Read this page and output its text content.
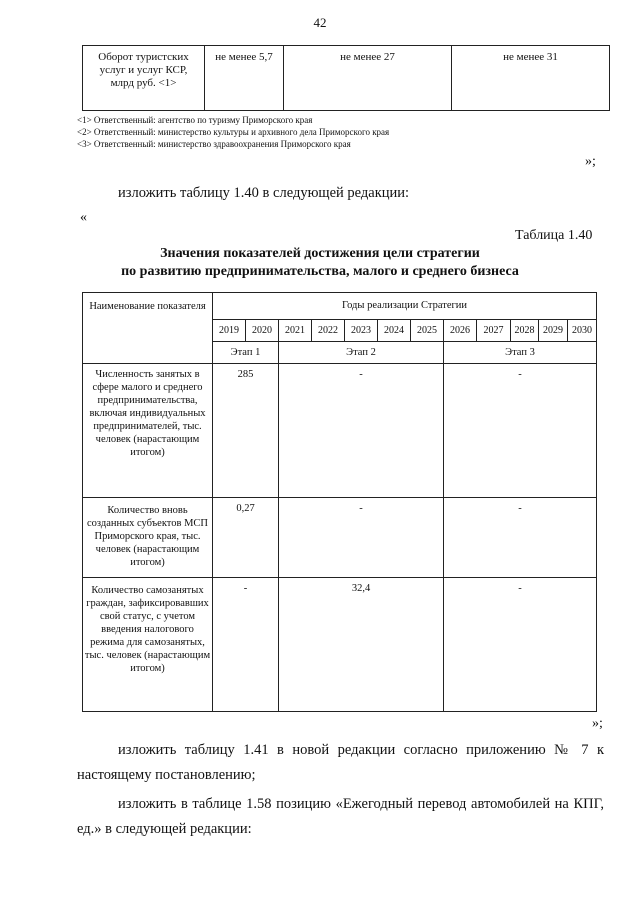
42
Оборот туристских услуг и услуг КСР, млрд руб. <1>	не менее 5,7	не менее 27	не менее 31
<1> Ответственный: агентство по туризму Приморского края
<2> Ответственный: министерство культуры и архивного дела Приморского края
<3> Ответственный: министерство здравоохранения Приморского края
»;
изложить таблицу 1.40 в следующей редакции:
«
Таблица 1.40
Значения показателей достижения цели стратегии
по развитию предпринимательства, малого и среднего бизнеса
Наименование показателя	Годы реализации Стратегии											
	2019	2020	2021	2022	2023	2024	2025	2026	2027	2028	2029	2030
	Этап 1		Этап 2					Этап 3				
Численность занятых в сфере малого и среднего предпринимательства, включая индивидуальных предпринимателей, тыс. человек (нарастающим итогом)	285		-					-				
Количество вновь созданных субъектов МСП Приморского края, тыс. человек (нарастающим итогом)	0,27		-					-				
Количество самозанятых граждан, зафиксировавших свой статус, с учетом введения налогового режима для самозанятых, тыс. человек (нарастающим итогом)	-		32,4					-				
»;
изложить таблицу 1.41 в новой редакции согласно приложению № 7 к настоящему постановлению;
изложить в таблице 1.58 позицию «Ежегодный перевод автомобилей на КПГ, ед.» в следующей редакции:
